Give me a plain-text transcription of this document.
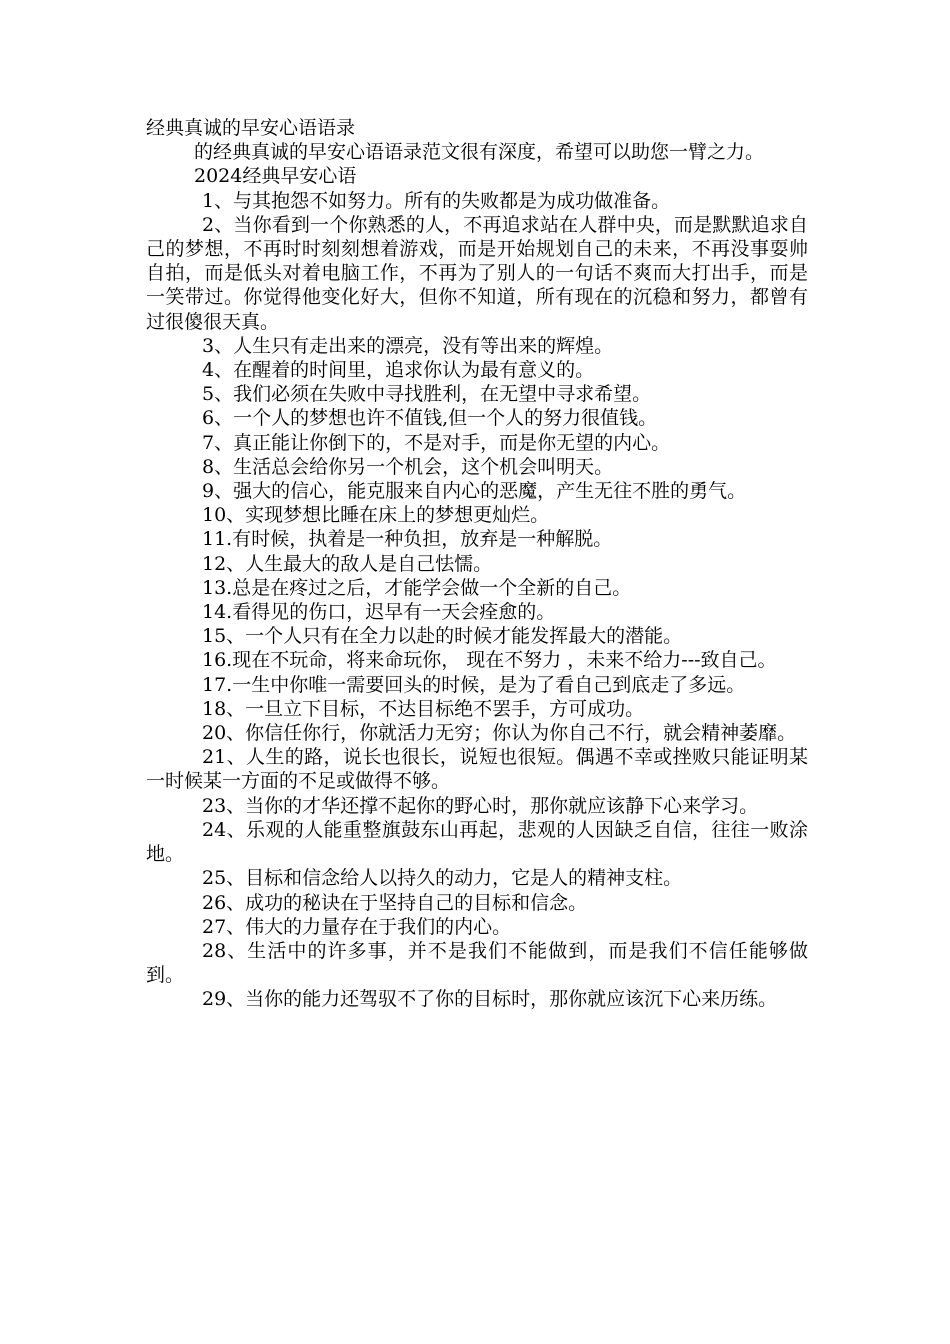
经典真诚的早安心语语录

的经典真诚的早安心语语录范文很有深度，希望可以助您一臂之力。

2024经典早安心语

1、与其抱怨不如努力。所有的失败都是为成功做准备。

2、当你看到一个你熟悉的人，不再追求站在人群中央，而是默默追求自己的梦想，不再时时刻刻想着游戏，而是开始规划自己的未来，不再没事耍帅自拍，而是低头对着电脑工作，不再为了别人的一句话不爽而大打出手，而是一笑带过。你觉得他变化好大，但你不知道，所有现在的沉稳和努力，都曾有过很傻很天真。

3、人生只有走出来的漂亮，没有等出来的辉煌。

4、在醒着的时间里，追求你认为最有意义的。

5、我们必须在失败中寻找胜利，在无望中寻求希望。

6、一个人的梦想也许不值钱,但一个人的努力很值钱。

7、真正能让你倒下的，不是对手，而是你无望的内心。

8、生活总会给你另一个机会，这个机会叫明天。

9、强大的信心，能克服来自内心的恶魔，产生无往不胜的勇气。

10、实现梦想比睡在床上的梦想更灿烂。

11.有时候，执着是一种负担，放弃是一种解脱。

12、人生最大的敌人是自己怯懦。

13.总是在疼过之后，才能学会做一个全新的自己。

14.看得见的伤口，迟早有一天会痊愈的。

15、一个人只有在全力以赴的时候才能发挥最大的潜能。

16.现在不玩命，将来命玩你， 现在不努力 ，未来不给力---致自己。

17.一生中你唯一需要回头的时候，是为了看自己到底走了多远。

18、一旦立下目标，不达目标绝不罢手，方可成功。

20、你信任你行，你就活力无穷；你认为你自己不行，就会精神萎靡。

21、人生的路，说长也很长，说短也很短。偶遇不幸或挫败只能证明某一时候某一方面的不足或做得不够。

23、当你的才华还撑不起你的野心时，那你就应该静下心来学习。

24、乐观的人能重整旗鼓东山再起，悲观的人因缺乏自信，往往一败涂地。

25、目标和信念给人以持久的动力，它是人的精神支柱。

26、成功的秘诀在于坚持自己的目标和信念。

27、伟大的力量存在于我们的内心。

28、生活中的许多事，并不是我们不能做到，而是我们不信任能够做到。

29、当你的能力还驾驭不了你的目标时，那你就应该沉下心来历练。
